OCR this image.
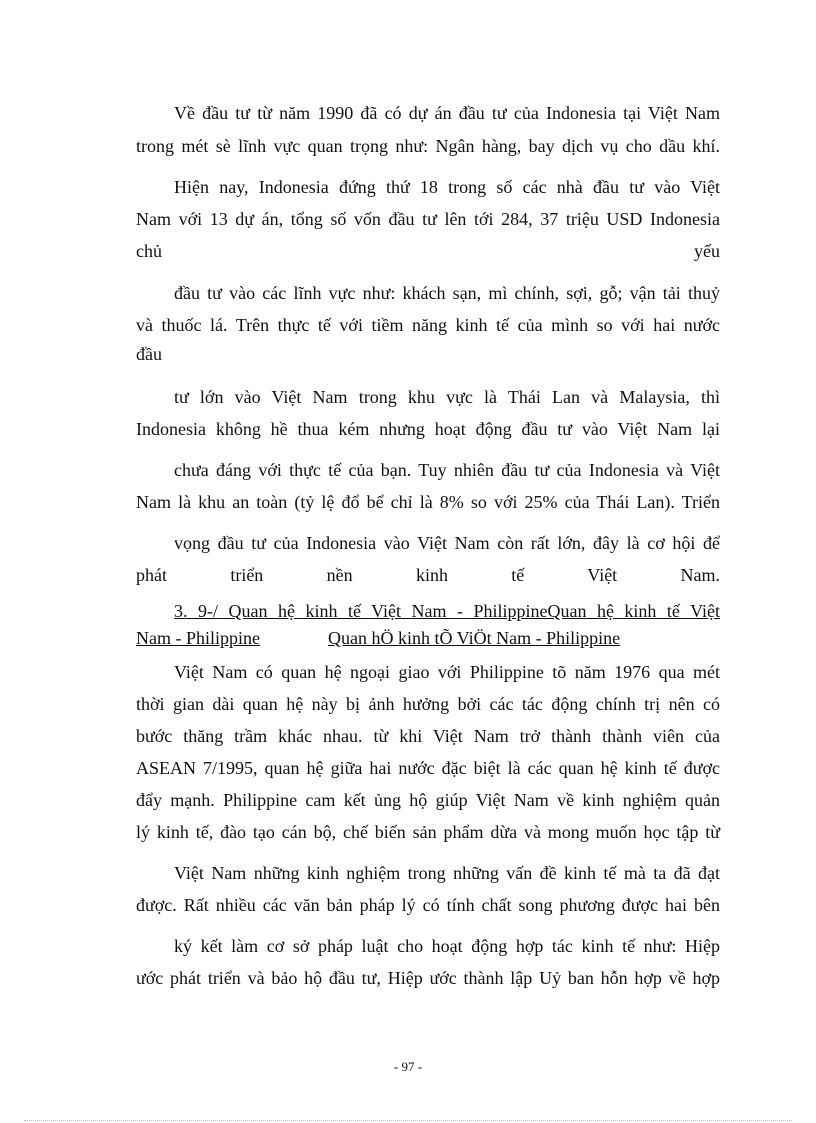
Về đầu tư từ năm 1990 đã có dự án đầu tư của Indonesia tại Việt Nam
trong mét sè lĩnh vực quan trọng như: Ngân hàng, bay dịch vụ cho dầu khí.
Hiện nay, Indonesia đứng thứ 18 trong số các nhà đầu tư vào Việt
Nam với 13 dự án, tổng số vốn đầu tư lên tới 284, 37 triệu USD Indonesia
chủ	yếu
đầu tư vào các lĩnh vực như: khách sạn, mì chính, sợi, gỗ; vận tải thuỷ
và thuốc lá. Trên thực tế với tiềm năng kinh tế của mình so với hai nước
đầu
tư lớn vào Việt Nam trong khu vực là Thái Lan và Malaysia, thì
Indonesia không hề thua kém nhưng hoạt động đầu tư vào Việt Nam lại
chưa đáng với thực tế của bạn. Tuy nhiên đầu tư của Indonesia và Việt
Nam là khu an toàn (tỷ lệ đổ bể chỉ là 8% so với 25% của Thái Lan). Triển
vọng đầu tư của Indonesia vào Việt Nam còn rất lớn, đây là cơ hội để
phát triển nền kinh tế Việt Nam.
3. 9-/ Quan hệ kinh tế Việt Nam - PhilippineQuan hệ kinh tế Việt
Nam - Philippine	Quan hÖ kinh tÕ ViÖt Nam - Philippine
Việt Nam có quan hệ ngoại giao với Philippine tõ năm 1976 qua mét
thời gian dài quan hệ này bị ảnh hưởng bởi các tác động chính trị nên có
bước thăng trầm khác nhau. từ khi Việt Nam trở thành thành viên của
ASEAN 7/1995, quan hệ giữa hai nước đặc biệt là các quan hệ kinh tế được
đẩy mạnh. Philippine cam kết ủng hộ giúp Việt Nam về kinh nghiệm quản
lý kinh tế, đào tạo cán bộ, chế biến sản phẩm dừa và mong muốn học tập từ
Việt Nam những kinh nghiệm trong những vấn đề kinh tế mà ta đã đạt
được. Rất nhiều các văn bản pháp lý có tính chất song phương được hai bên
ký kết làm cơ sở pháp luật cho hoạt động hợp tác kinh tế như: Hiệp
ước phát triển và bảo hộ đầu tư, Hiệp ước thành lập Uỷ ban hỗn hợp về hợp
- 97 -
